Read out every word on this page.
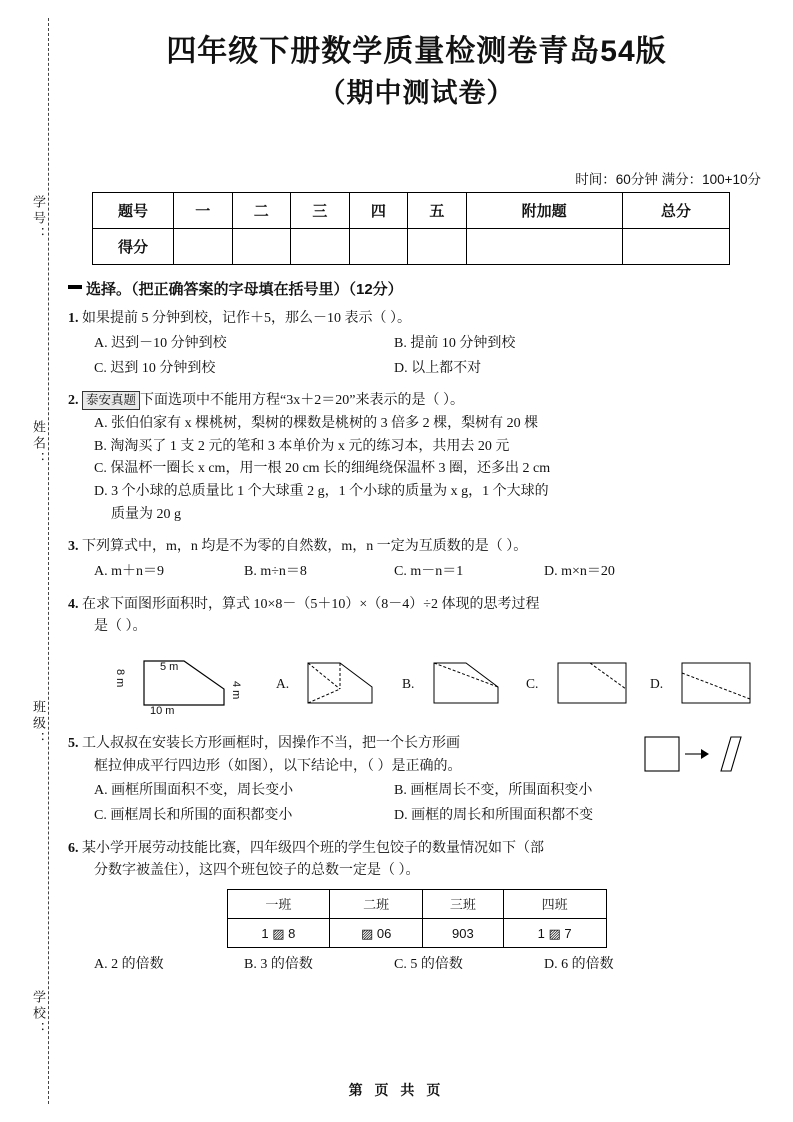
学号：
姓名：
班级：
学校：
四年级下册数学质量检测卷青岛54版
（期中测试卷）
时间：60分钟 满分：100+10分
题号	一	二	三	四	五	附加题	总分
得分							
选择。（把正确答案的字母填在括号里）（12分）
1. 如果提前 5 分钟到校，记作＋5，那么－10 表示（ ）。
A. 迟到－10 分钟到校	B. 提前 10 分钟到校
C. 迟到 10 分钟到校	D. 以上都不对
2. 泰安真题 下面选项中不能用方程“3x＋2＝20”来表示的是（ ）。
A. 张伯伯家有 x 棵桃树，梨树的棵数是桃树的 3 倍多 2 棵，梨树有 20 棵
B. 淘淘买了 1 支 2 元的笔和 3 本单价为 x 元的练习本，共用去 20 元
C. 保温杯一圈长 x cm，用一根 20 cm 长的细绳绕保温杯 3 圈，还多出 2 cm
D. 3 个小球的总质量比 1 个大球重 2 g，1 个小球的质量为 x g，1 个大球的
质量为 20 g
3. 下列算式中，m，n 均是不为零的自然数，m，n 一定为互质数的是（ ）。
A. m＋n＝9	B. m÷n＝8	C. m－n＝1	D. m×n＝20
4. 在求下面图形面积时，算式 10×8－（5＋10）×（8－4）÷2 体现的思考过程
是（ ）。
8 m
5 m
4 m
10 m
A.	B.	C.	D.
5. 工人叔叔在安装长方形画框时，因操作不当，把一个长方形画
框拉伸成平行四边形（如图），以下结论中，（ ）是正确的。
A. 画框所围面积不变，周长变小	B. 画框周长不变，所围面积变小
C. 画框周长和所围的面积都变小	D. 画框的周长和所围面积都不变
6. 某小学开展劳动技能比赛，四年级四个班的学生包饺子的数量情况如下（部
分数字被盖住），这四个班包饺子的总数一定是（ ）。
一班	二班	三班	四班
1 ▨ 8	▨ 06	903	1 ▨ 7
A. 2 的倍数	B. 3 的倍数	C. 5 的倍数	D. 6 的倍数
第 页 共 页
